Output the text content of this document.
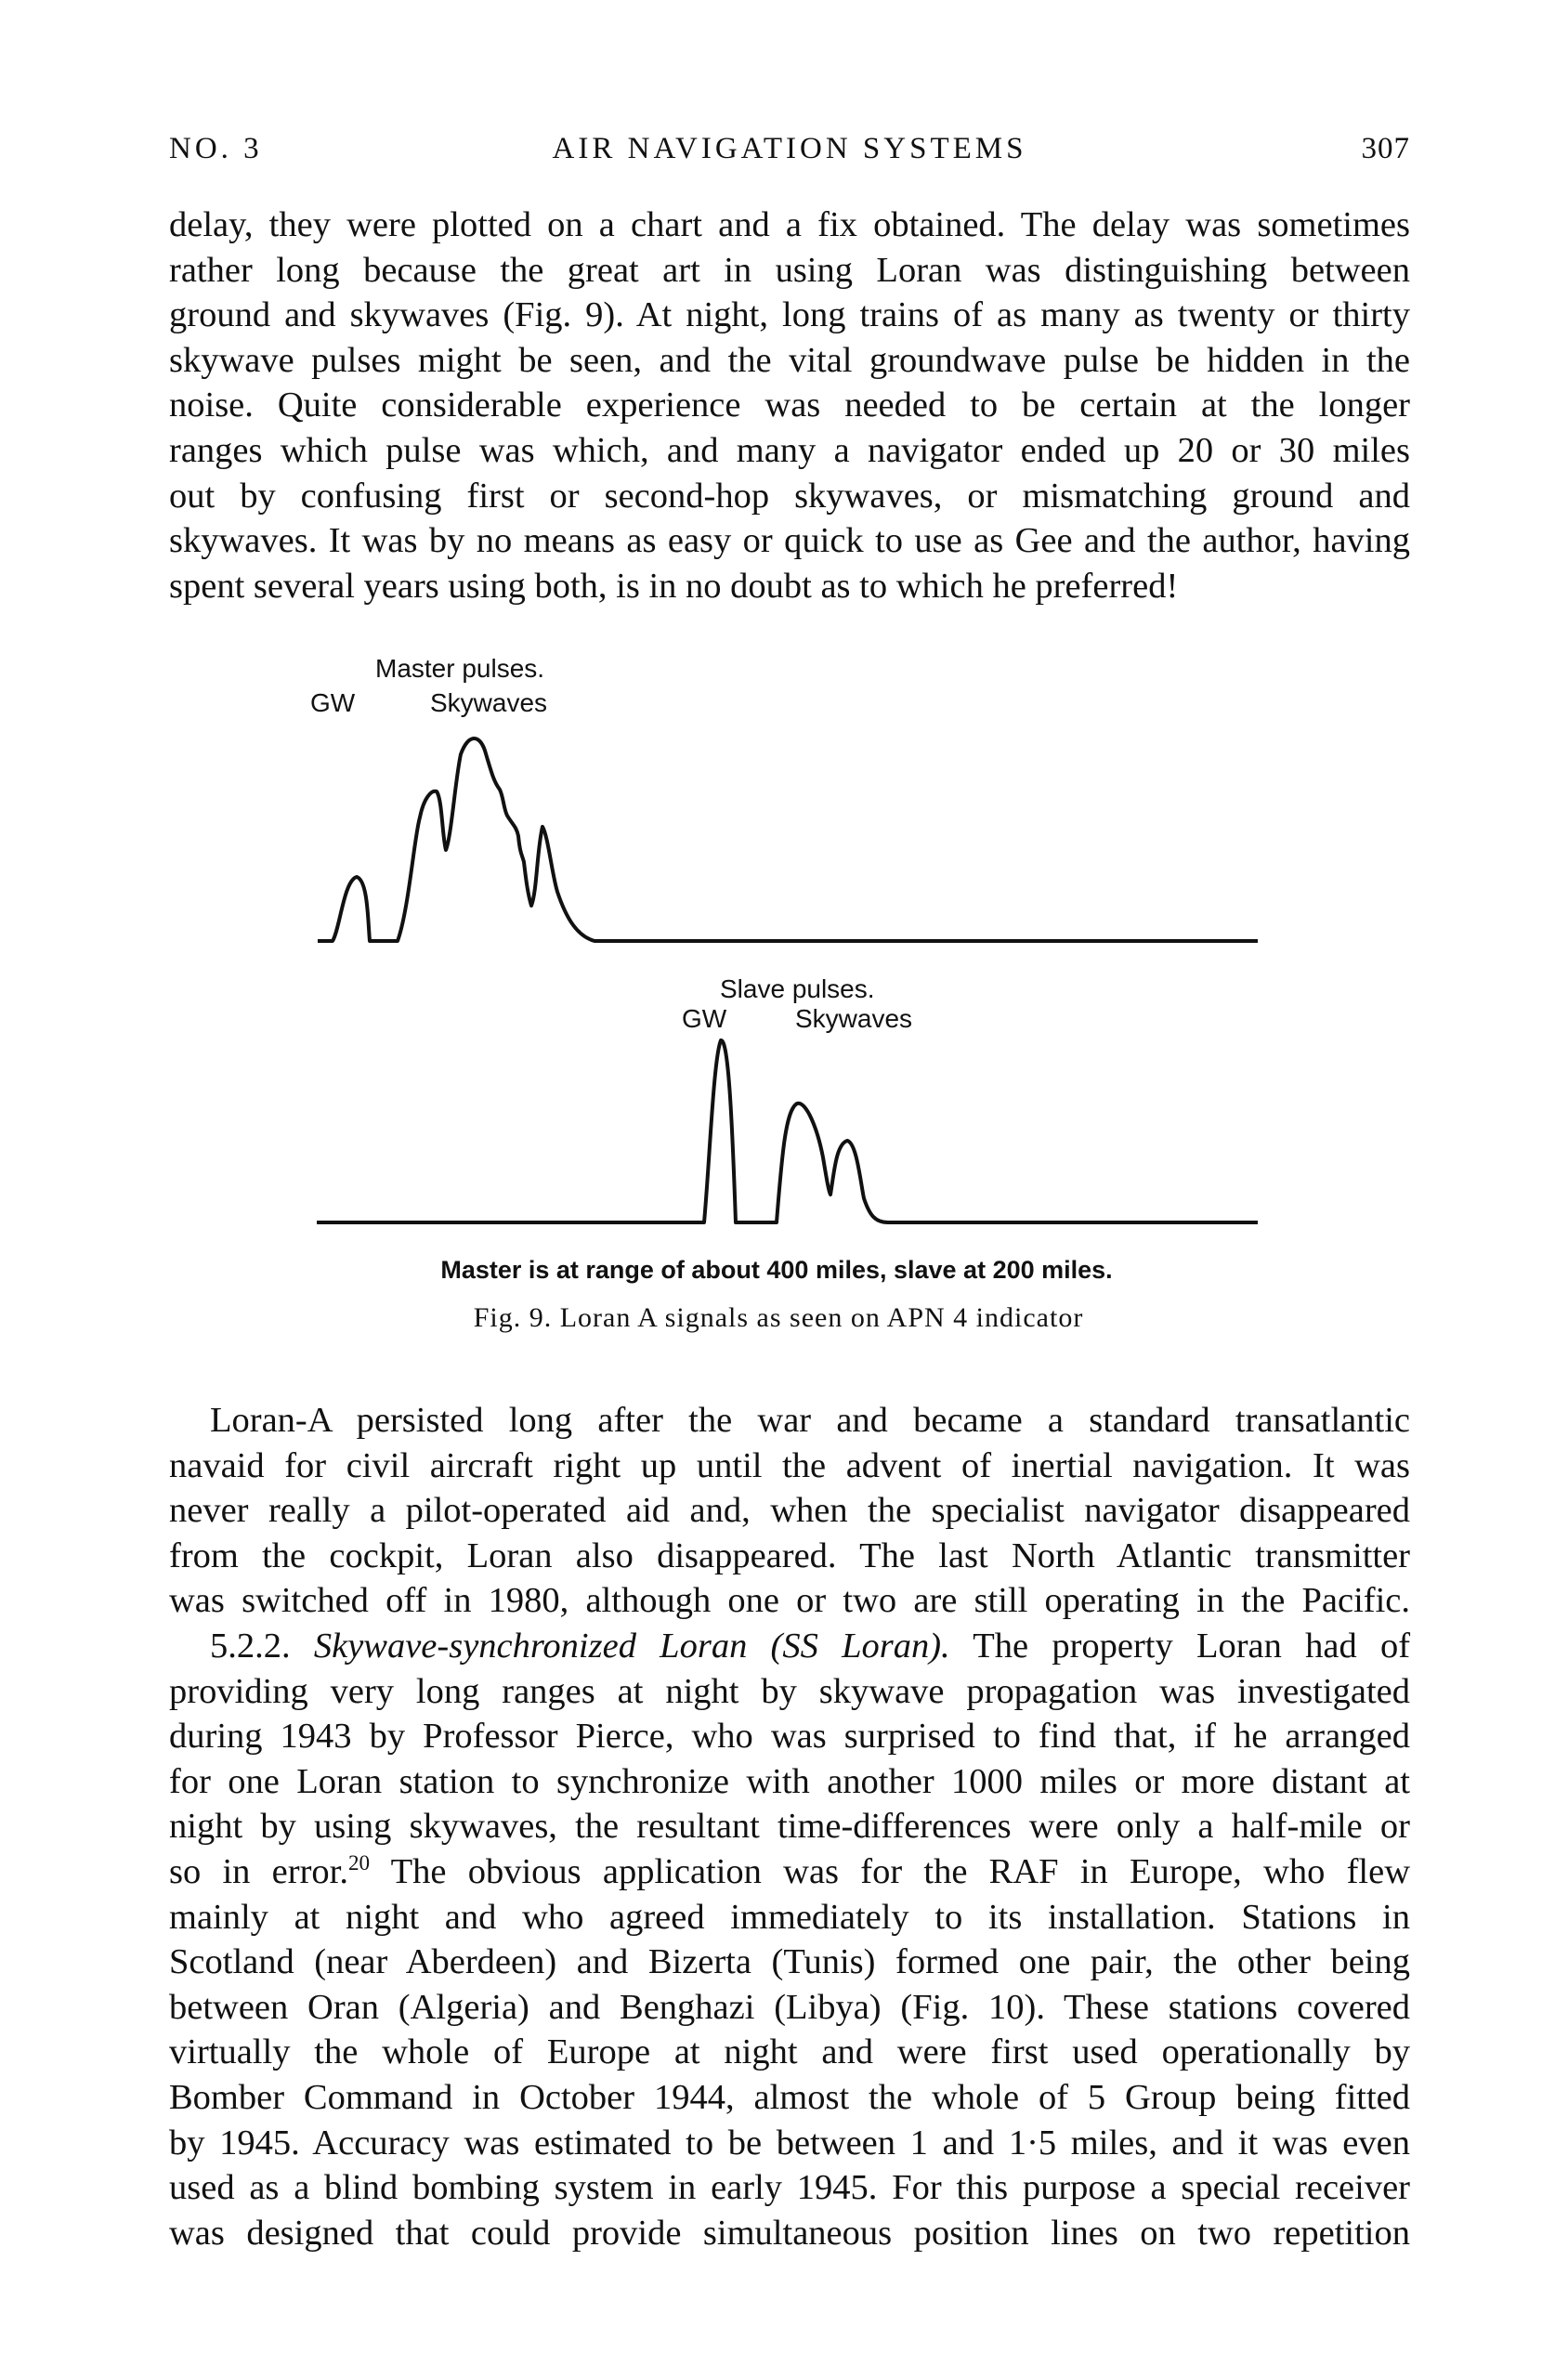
NO. 3	AIR NAVIGATION SYSTEMS	307
delay, they were plotted on a chart and a fix obtained. The delay was sometimes
rather long because the great art in using Loran was distinguishing between
ground and skywaves (Fig. 9). At night, long trains of as many as twenty or thirty
skywave pulses might be seen, and the vital groundwave pulse be hidden in the
noise. Quite considerable experience was needed to be certain at the longer
ranges which pulse was which, and many a navigator ended up 20 or 30 miles
out by confusing first or second-hop skywaves, or mismatching ground and
skywaves. It was by no means as easy or quick to use as Gee and the author, having
spent several years using both, is in no doubt as to which he preferred!
Master pulses.
GW	Skywaves
Slave pulses.
GW	Skywaves
Master is at range of about 400 miles, slave at 200 miles.
Fig. 9. Loran A signals as seen on APN 4 indicator
Loran-A persisted long after the war and became a standard transatlantic
navaid for civil aircraft right up until the advent of inertial navigation. It was
never really a pilot-operated aid and, when the specialist navigator disappeared
from the cockpit, Loran also disappeared. The last North Atlantic transmitter
was switched off in 1980, although one or two are still operating in the Pacific.
5.2.2. Skywave-synchronized Loran (SS Loran). The property Loran had of
providing very long ranges at night by skywave propagation was investigated
during 1943 by Professor Pierce, who was surprised to find that, if he arranged
for one Loran station to synchronize with another 1000 miles or more distant at
night by using skywaves, the resultant time-differences were only a half-mile or
so in error.$^{20}$ The obvious application was for the RAF in Europe, who flew
mainly at night and who agreed immediately to its installation. Stations in
Scotland (near Aberdeen) and Bizerta (Tunis) formed one pair, the other being
between Oran (Algeria) and Benghazi (Libya) (Fig. 10). These stations covered
virtually the whole of Europe at night and were first used operationally by
Bomber Command in October 1944, almost the whole of 5 Group being fitted
by 1945. Accuracy was estimated to be between 1 and 1·5 miles, and it was even
used as a blind bombing system in early 1945. For this purpose a special receiver
was designed that could provide simultaneous position lines on two repetition
